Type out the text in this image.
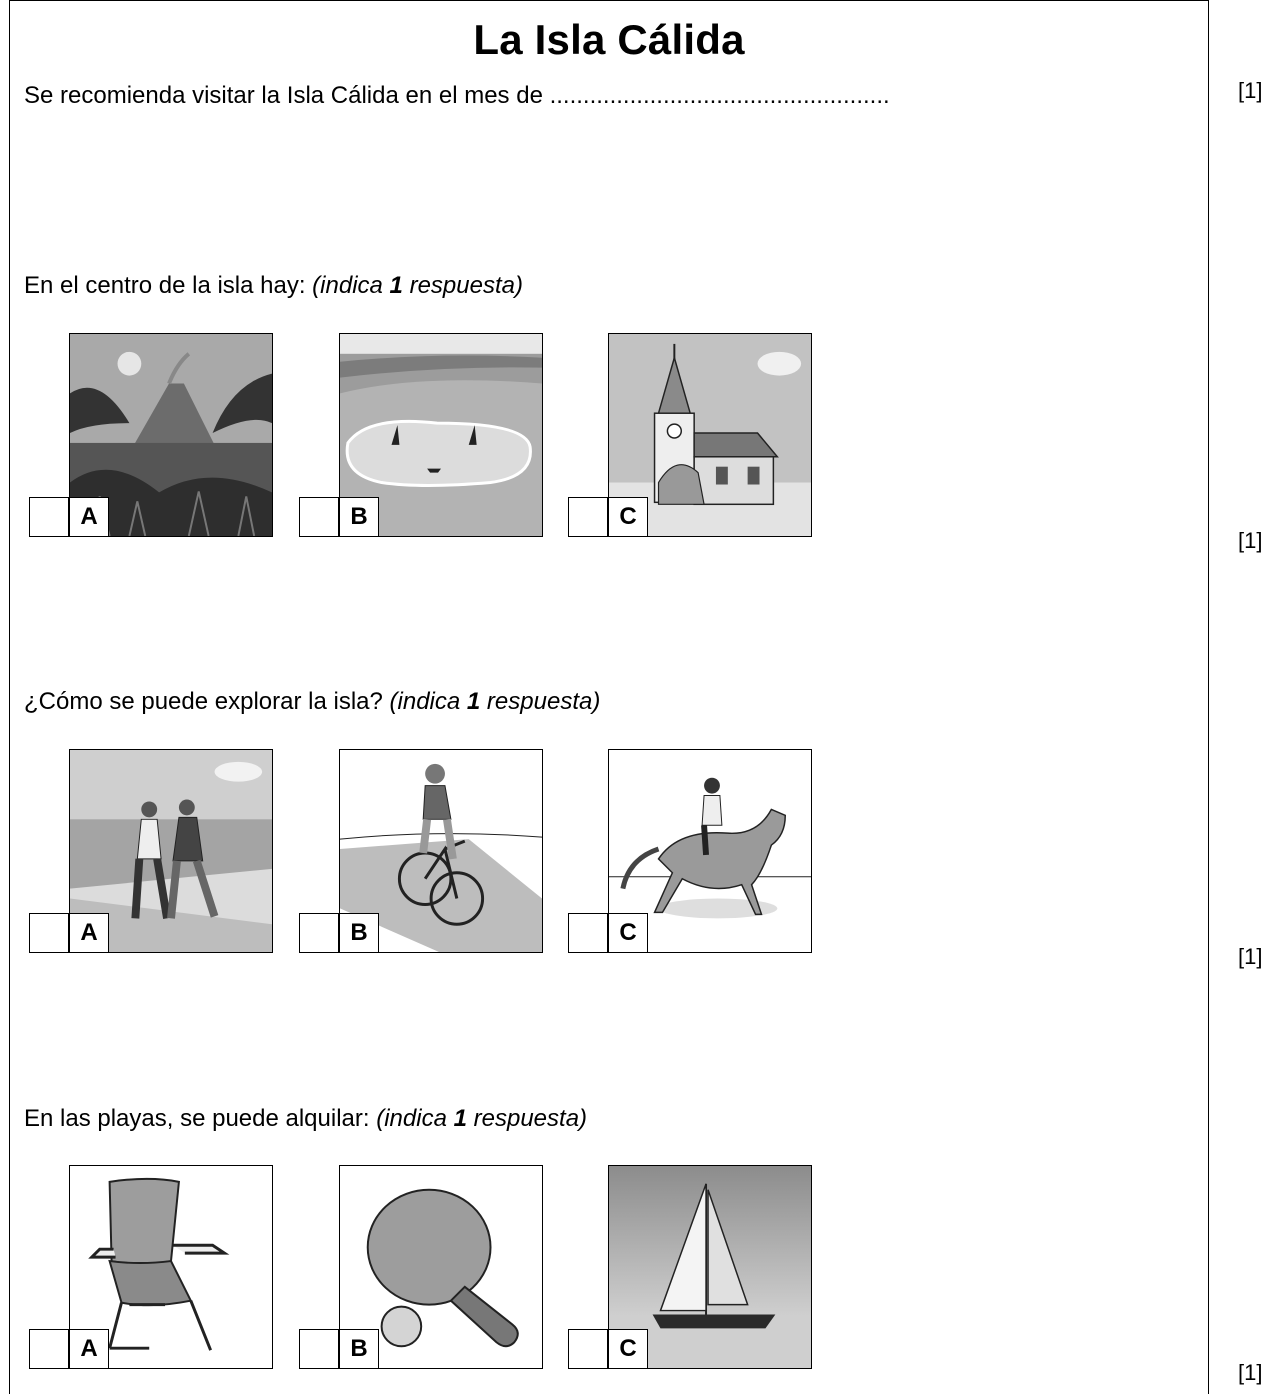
La Isla Cálida
Se recomienda visitar la Isla Cálida en el mes de ...................................................	[1]
En el centro de la isla hay: (indica 1 respuesta)
[1]
A	B	C
¿Cómo se puede explorar la isla? (indica 1 respuesta)
[1]
A	B	C
En las playas, se puede alquilar: (indica 1 respuesta)
[1]
A	B	C
